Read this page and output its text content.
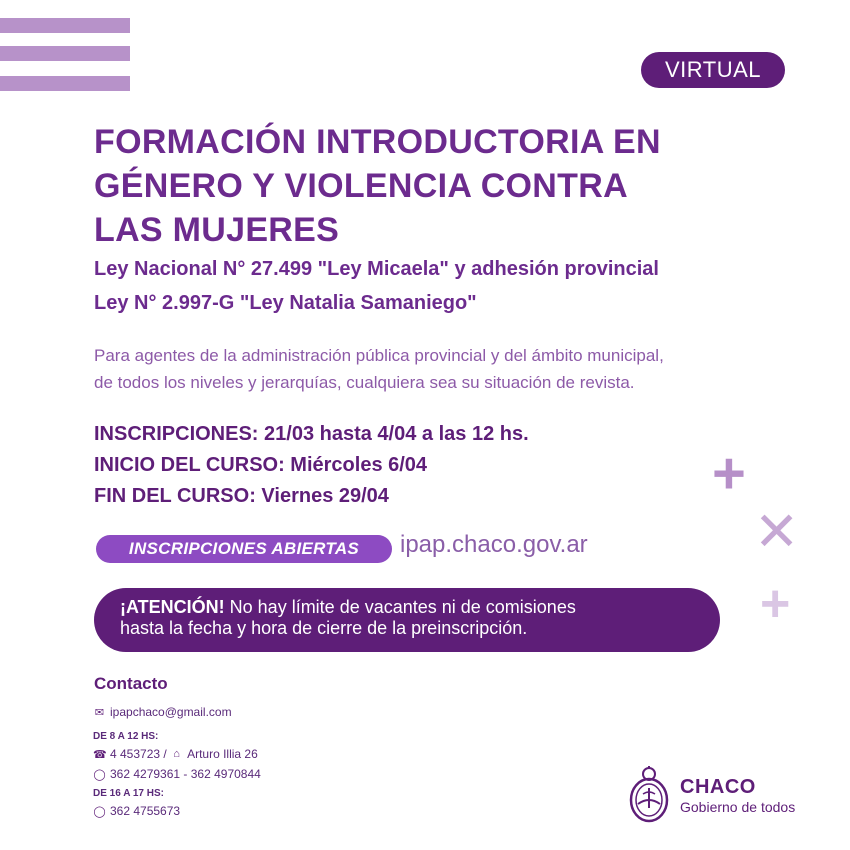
VIRTUAL
FORMACIÓN INTRODUCTORIA EN
GÉNERO Y VIOLENCIA CONTRA
LAS MUJERES
Ley Nacional N° 27.499 "Ley Micaela" y adhesión provincial
Ley N° 2.997-G "Ley Natalia Samaniego"
Para agentes de la administración pública provincial y del ámbito municipal,
de todos los niveles y jerarquías, cualquiera sea su situación de revista.
INSCRIPCIONES: 21/03 hasta 4/04 a las 12 hs.
INICIO DEL CURSO: Miércoles 6/04
FIN DEL CURSO: Viernes 29/04	+
✕
+
INSCRIPCIONES ABIERTAS	ipap.chaco.gov.ar
¡ATENCIÓN! No hay límite de vacantes ni de comisiones
hasta la fecha y hora de cierre de la preinscripción.
Contacto
✉ ipapchaco@gmail.com
DE 8 A 12 HS:
☎ 4 453723 / ⌂ Arturo Illia 26
◯ 362 4279361 - 362 4970844
DE 16 A 17 HS:
◯ 362 4755673
CHACO
Gobierno de todos
